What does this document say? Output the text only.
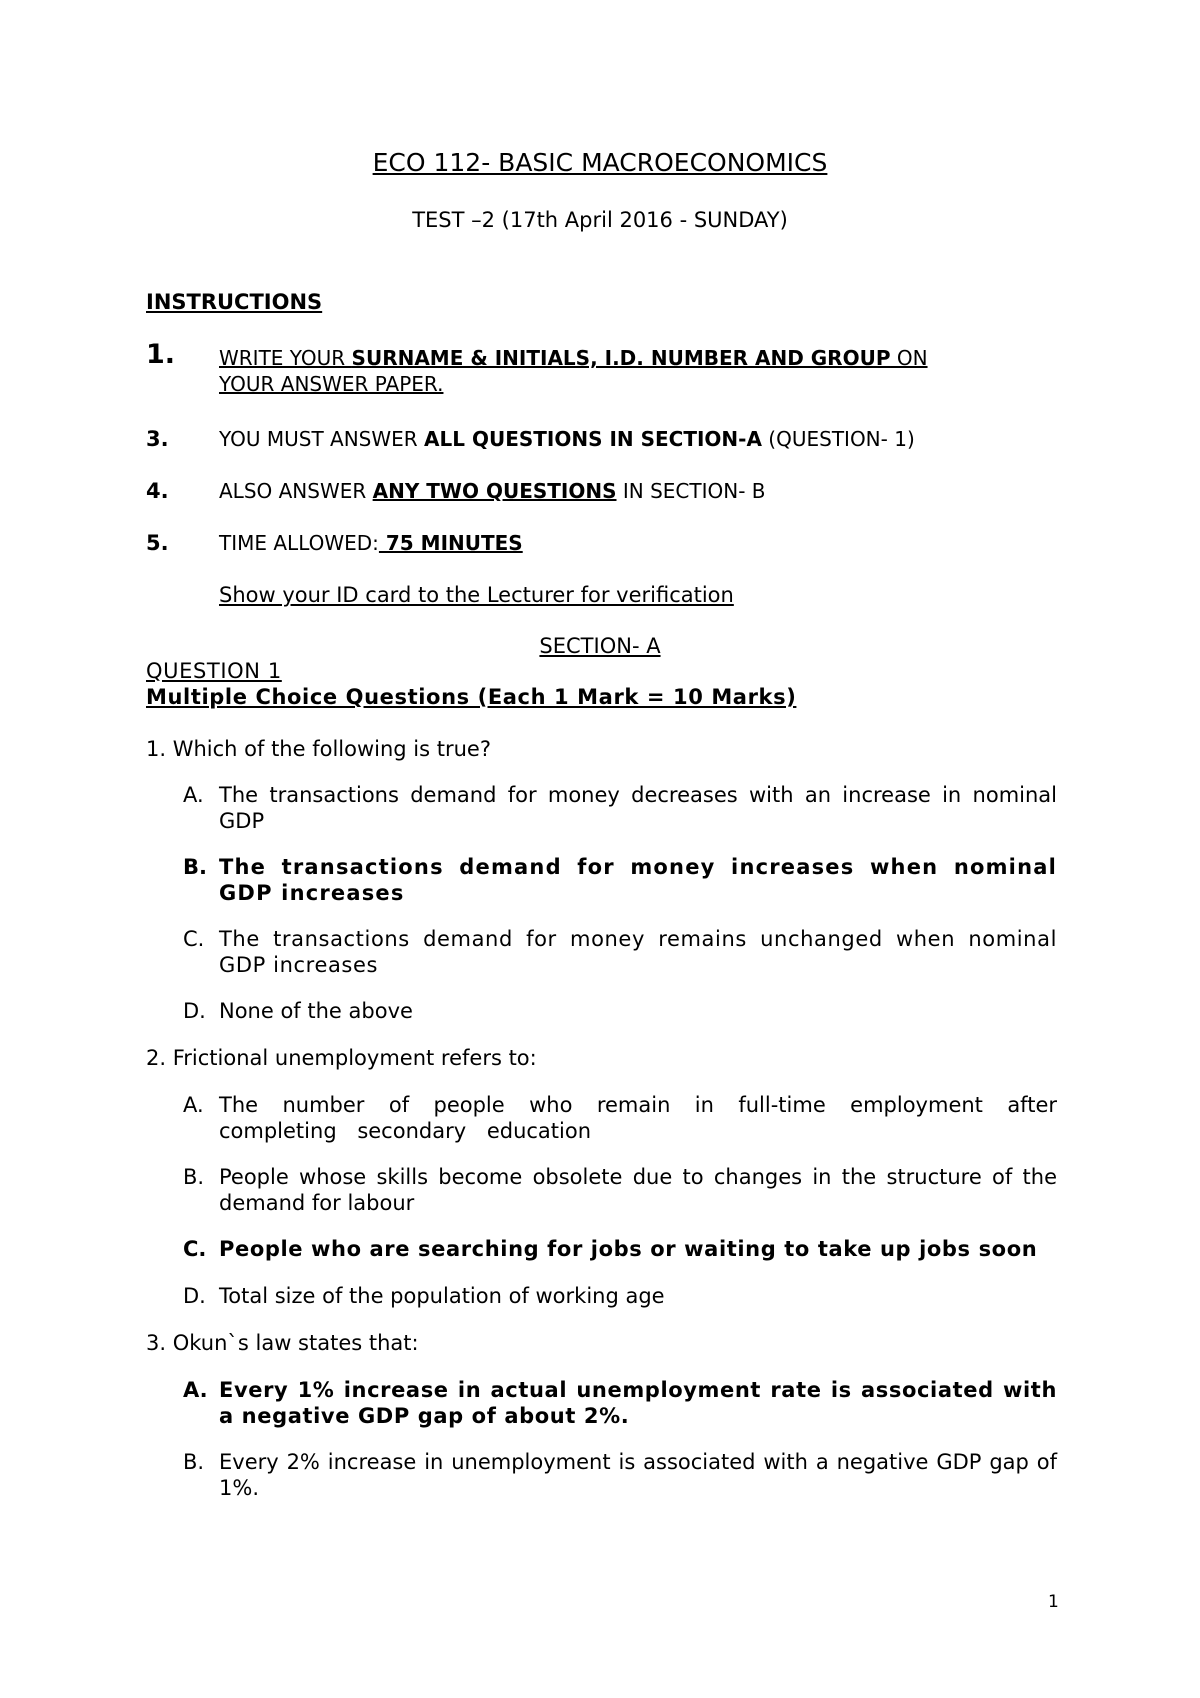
ECO 112- BASIC MACROECONOMICS
TEST –2 (17th April 2016 - SUNDAY)
INSTRUCTIONS
1. WRITE YOUR SURNAME & INITIALS, I.D. NUMBER AND GROUP ON
YOUR ANSWER PAPER.
3.	YOU MUST ANSWER ALL QUESTIONS IN SECTION-A (QUESTION- 1)
4.	ALSO ANSWER ANY TWO QUESTIONS IN SECTION- B
5.	TIME ALLOWED: 75 MINUTES
Show your ID card to the Lecturer for verification
SECTION- A
QUESTION 1
Multiple Choice Questions (Each 1 Mark = 10 Marks)
1. Which of the following is true?
A. The transactions demand for money decreases with an increase in nominal GDP
B. The transactions demand for money increases when nominal GDP increases
C. The transactions demand for money remains unchanged when nominal GDP increases
D. None of the above
2. Frictional unemployment refers to:
A. The number of people who remain in full-time employment after completing secondary education
B. People whose skills become obsolete due to changes in the structure of the demand for labour
C. People who are searching for jobs or waiting to take up jobs soon
D. Total size of the population of working age
3. Okun`s law states that:
A. Every 1% increase in actual unemployment rate is associated with a negative GDP gap of about 2%.
B. Every 2% increase in unemployment is associated with a negative GDP gap of 1%.
1
